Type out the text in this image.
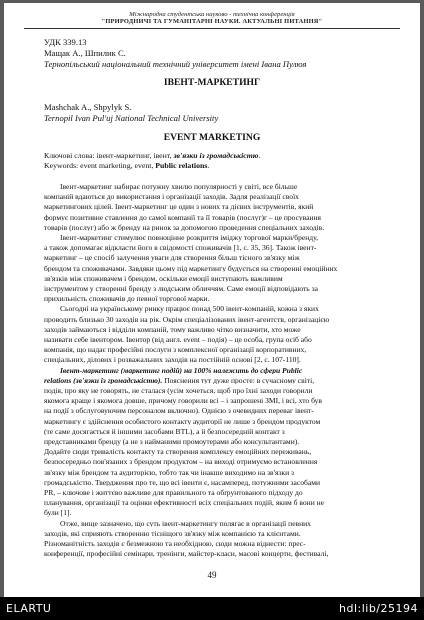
Міжнародна студентська науково - технічна конференція
"ПРИРОДНИЧІ ТА ГУМАНІТАРНІ НАУКИ. АКТУАЛЬНІ ПИТАННЯ"
УДК 339.13
Мащак А., Шпилик С.
Тернопільський національний технічний університет імені Івана Пулюя
ІВЕНТ-МАРКЕТИНГ
Mashchak A., Shpylyk S.
Ternopil Ivan Pul'uj National Technical University
EVENT MARKETING
Ключові слова: івент-маркетинг, івент, зв'язки із громадськістю.
Keywords: event marketing, event, Public relations.
Івент-маркетинг набирає потужну хвилю популярності у світі, все більше
компаній вдаються до використання і організації заходів. Задля реалізації своїх
маркетингових цілей. Івент-маркетинг це один з нових та дієвих інструментів, який
формує позитивне ставлення до самої компанії та її товарів (послуг)г – це просування
товарів (послуг) або ж бренду на ринок за допомогою проведення спеціальних заходів.
Івент-маркетинг стимулює повноцінне розкриття іміджу торгової марки/бренду,
а також допомагає відкласти його в свідомості споживачів [1, с. 35, 36]. Також івент-
маркетинг – це спосіб залучення уваги для створення більш тісного зв'язку між
брендом та споживачами. Завдяки цьому під маркетингу будується на створенні емоційних
зв'язків між споживачем і брендом, оскільки емоції виступають важливим
інструментом у створенні бренду з людським обличчям. Саме емоції відповідають за
прихильність споживачів до певної торгової марки.
Сьогодні на українському ринку працює понад 500 івент-компаній, кожна з яких
проводить близько 30 заходів на рік. Окрім спеціалізованих івент-агентств, організацією
заходів займаються і відділи компаній, тому важливо чітко визначити, хто може
називати себе івентором. Івентор (від англ. event – подія) – це особа, група осіб або
компанія, що надає професійні послуги з комплексної організації корпоративних,
спеціальних, ділових і розважальних заходів на постійній основі [2, с. 107-110].
Івент-маркетинг (маркетинг подій) на 100% належить до сфери Public
relations (зв'язки із громадськістю). Пояснення тут дуже просте: в сучасному світі,
подія, про яку не говорять, не сталася (усім хочеться, щоб про їхні заходи говорили
якомога краще і якомога довше, причому говорили всі – і запрошені ЗМІ, і всі, хто був
на події з обслуговуючим персоналом включно). Однією з очевидних переваг івент-
маркетингу є здійснення особистого контакту аудиторії не лише з брендом продуктом
(те саме досягається й іншими засобами BTL), а й безпосередній контакт з
представниками бренду (а не з найманими промоутерами або консультантами).
Додайте сюди тривалість контакту та створення комплексу емоційних переживань,
безпосередньо пов'язаних з брендом продуктом – на виході отримуємо встановлення
зв'язку між брендом та аудиторією, тобто так чи інакше виходимо на зв'язки з
громадськістю. Твердження про те, що всі івенти є, насамперед, потужними засобами
PR, – ключове і життєво важливе для правильного та обґрунтованого підходу до
планування, організації та оцінки ефективності всіх спеціальних подій, яким б вони не
були [1].
Отже, вище зазначено, що суть івент-маркетингу полягає в організації певних
заходів, які сприяють створенню тісніщого зв'язку між компанією та клієнтами.
Різноманітність заходів є безмежною та необхідною, сюди можна віднести: прес-
конференції, професійні семінари, тренінги, майстер-класи, масові концерти, фестивалі,
49
ELARTU	hdl:lib/25194
